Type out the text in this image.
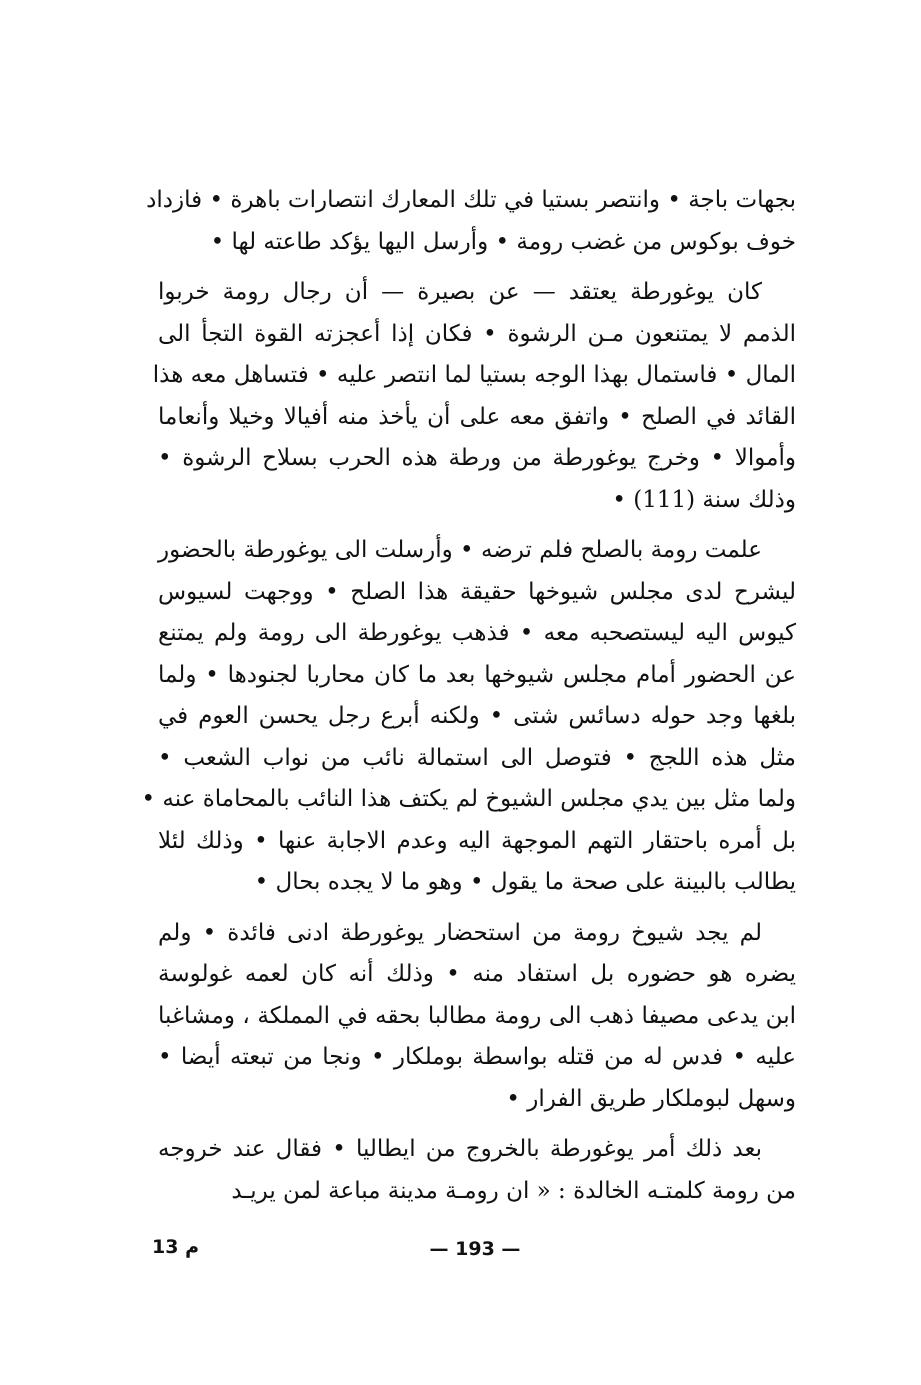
بجهات باجة • وانتصر بستيا في تلك المعارك انتصارات باهرة • فازداد
خوف بوكوس من غضب رومة • وأرسل اليها يؤكد طاعته لها •
كان يوغورطة يعتقد — عن بصيرة — أن رجال رومة خربوا
الذمم لا يمتنعون مـن الرشوة • فكان إذا أعجزته القوة التجأ الى
المال • فاستمال بهذا الوجه بستيا لما انتصر عليه • فتساهل معه هذا
القائد في الصلح • واتفق معه على أن يأخذ منه أفيالا وخيلا وأنعاما
وأموالا • وخرج يوغورطة من ورطة هذه الحرب بسلاح الرشوة •
وذلك سنة (111) •
علمت رومة بالصلح فلم ترضه • وأرسلت الى يوغورطة بالحضور
ليشرح لدى مجلس شيوخها حقيقة هذا الصلح • ووجهت لسيوس
كيوس اليه ليستصحبه معه • فذهب يوغورطة الى رومة ولم يمتنع
عن الحضور أمام مجلس شيوخها بعد ما كان محاربا لجنودها • ولما
بلغها وجد حوله دسائس شتى • ولكنه أبرع رجل يحسن العوم في
مثل هذه اللجج • فتوصل الى استمالة نائب من نواب الشعب •
ولما مثل بين يدي مجلس الشيوخ لم يكتف هذا النائب بالمحاماة عنه •
بل أمره باحتقار التهم الموجهة اليه وعدم الاجابة عنها • وذلك لئلا
يطالب بالبينة على صحة ما يقول • وهو ما لا يجده بحال •
لم يجد شيوخ رومة من استحضار يوغورطة ادنى فائدة • ولم
يضره هو حضوره بل استفاد منه • وذلك أنه كان لعمه غولوسة
ابن يدعى مصيفا ذهب الى رومة مطالبا بحقه في المملكة ، ومشاغبا
عليه • فدس له من قتله بواسطة بوملكار • ونجا من تبعته أيضا •
وسهل لبوملكار طريق الفرار •
بعد ذلك أمر يوغورطة بالخروج من ايطاليا • فقال عند خروجه
من رومة كلمتـه الخالدة : « ان رومـة مدينة مباعة لمن يريـد
م 13	— 193 —
